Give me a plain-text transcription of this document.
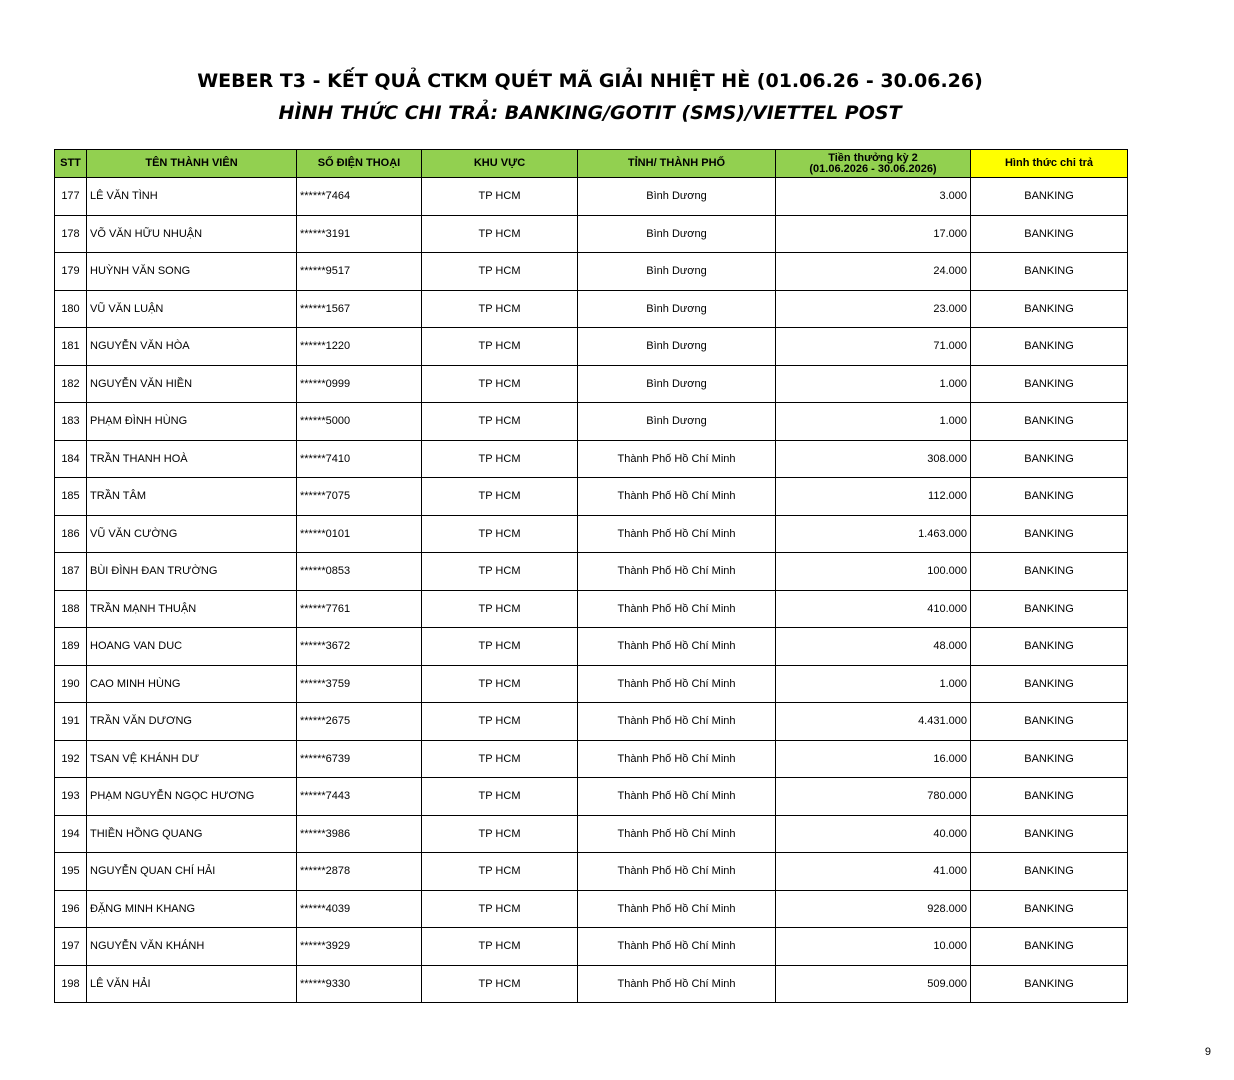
WEBER T3 - KẾT QUẢ CTKM QUÉT MÃ GIẢI NHIỆT HÈ (01.06.26 - 30.06.26)
HÌNH THỨC CHI TRẢ: BANKING/GOTIT (SMS)/VIETTEL POST
STT	TÊN THÀNH VIÊN	SỐ ĐIỆN THOẠI	KHU VỰC	TỈNH/ THÀNH PHỐ	Tiền thưởng kỳ 2
(01.06.2026 - 30.06.2026)	Hình thức chi trả
177	LÊ VĂN TÌNH	******7464	TP HCM	Bình Dương	3.000	BANKING
178	VÕ VĂN HỮU NHUẬN	******3191	TP HCM	Bình Dương	17.000	BANKING
179	HUỲNH VĂN SONG	******9517	TP HCM	Bình Dương	24.000	BANKING
180	VŨ VĂN LUẬN	******1567	TP HCM	Bình Dương	23.000	BANKING
181	NGUYỄN VĂN HÒA	******1220	TP HCM	Bình Dương	71.000	BANKING
182	NGUYỄN VĂN HIỀN	******0999	TP HCM	Bình Dương	1.000	BANKING
183	PHẠM ĐÌNH HÙNG	******5000	TP HCM	Bình Dương	1.000	BANKING
184	TRẦN THANH HOÀ	******7410	TP HCM	Thành Phố Hồ Chí Minh	308.000	BANKING
185	TRẦN TÂM	******7075	TP HCM	Thành Phố Hồ Chí Minh	112.000	BANKING
186	VŨ VĂN CƯỜNG	******0101	TP HCM	Thành Phố Hồ Chí Minh	1.463.000	BANKING
187	BÙI ĐÌNH ĐAN TRƯỜNG	******0853	TP HCM	Thành Phố Hồ Chí Minh	100.000	BANKING
188	TRẦN MẠNH THUẬN	******7761	TP HCM	Thành Phố Hồ Chí Minh	410.000	BANKING
189	HOANG VAN DUC	******3672	TP HCM	Thành Phố Hồ Chí Minh	48.000	BANKING
190	CAO MINH HÙNG	******3759	TP HCM	Thành Phố Hồ Chí Minh	1.000	BANKING
191	TRẦN VĂN DƯƠNG	******2675	TP HCM	Thành Phố Hồ Chí Minh	4.431.000	BANKING
192	TSAN VỆ KHÁNH DƯ	******6739	TP HCM	Thành Phố Hồ Chí Minh	16.000	BANKING
193	PHẠM NGUYỄN NGỌC HƯƠNG	******7443	TP HCM	Thành Phố Hồ Chí Minh	780.000	BANKING
194	THIỀN HỒNG QUANG	******3986	TP HCM	Thành Phố Hồ Chí Minh	40.000	BANKING
195	NGUYỄN QUAN CHÍ HẢI	******2878	TP HCM	Thành Phố Hồ Chí Minh	41.000	BANKING
196	ĐẶNG MINH KHANG	******4039	TP HCM	Thành Phố Hồ Chí Minh	928.000	BANKING
197	NGUYỄN VĂN KHÁNH	******3929	TP HCM	Thành Phố Hồ Chí Minh	10.000	BANKING
198	LÊ VĂN HẢI	******9330	TP HCM	Thành Phố Hồ Chí Minh	509.000	BANKING
9
